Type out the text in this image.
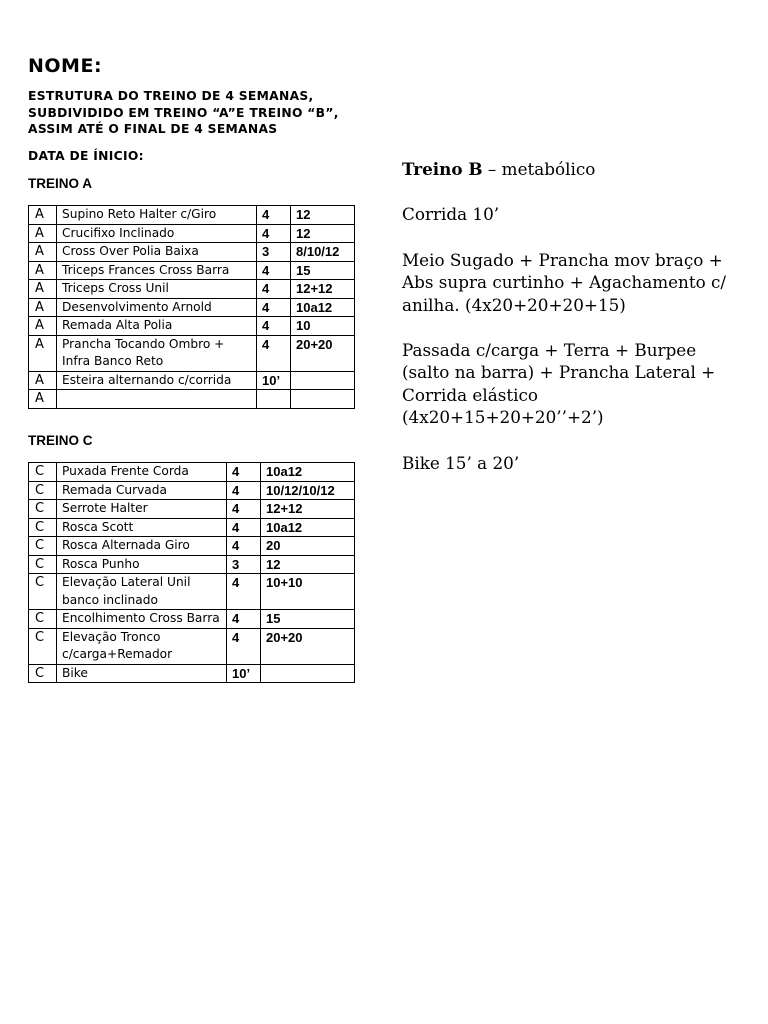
NOME:
ESTRUTURA DO TREINO DE 4 SEMANAS, SUBDIVIDIDO EM TREINO “A”E TREINO “B”, ASSIM ATÉ O FINAL DE 4 SEMANAS
DATA DE ÍNICIO:
TREINO A
A	Supino Reto Halter c/Giro	4	12
A	Crucifixo Inclinado	4	12
A	Cross Over Polia Baixa	3	8/10/12
A	Triceps Frances Cross Barra	4	15
A	Triceps Cross Unil	4	12+12
A	Desenvolvimento Arnold	4	10a12
A	Remada Alta Polia	4	10
A	Prancha Tocando Ombro + Infra Banco Reto	4	20+20
A	Esteira alternando c/corrida	10’	
A			
TREINO C
C	Puxada Frente Corda	4	10a12
C	Remada Curvada	4	10/12/10/12
C	Serrote Halter	4	12+12
C	Rosca Scott	4	10a12
C	Rosca Alternada Giro	4	20
C	Rosca Punho	3	12
C	Elevação Lateral Unil banco inclinado	4	10+10
C	Encolhimento Cross Barra	4	15
C	Elevação Tronco c/carga+Remador	4	20+20
C	Bike	10’	

Treino B – metabólico

Corrida 10’

Meio Sugado + Prancha mov braço + Abs supra curtinho + Agachamento c/ anilha. (4x20+20+20+15)

Passada c/carga + Terra + Burpee (salto na barra) + Prancha Lateral + Corrida elástico (4x20+15+20+20’’+2’)

Bike 15’ a 20’
